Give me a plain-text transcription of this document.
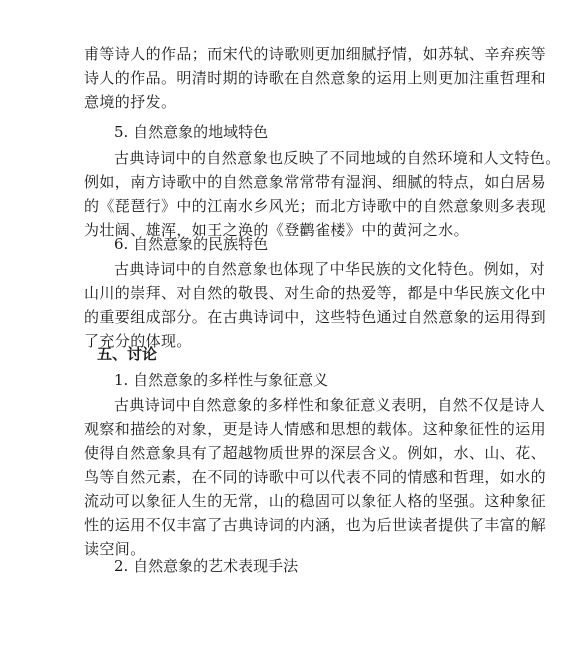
甫等诗人的作品；而宋代的诗歌则更加细腻抒情，如苏轼、辛弃疾等
诗人的作品。明清时期的诗歌在自然意象的运用上则更加注重哲理和
意境的抒发。
5. 自然意象的地域特色
古典诗词中的自然意象也反映了不同地域的自然环境和人文特色。
例如，南方诗歌中的自然意象常常带有湿润、细腻的特点，如白居易
的《琵琶行》中的江南水乡风光；而北方诗歌中的自然意象则多表现
为壮阔、雄浑，如王之涣的《登鹳雀楼》中的黄河之水。
6. 自然意象的民族特色
古典诗词中的自然意象也体现了中华民族的文化特色。例如，对
山川的崇拜、对自然的敬畏、对生命的热爱等，都是中华民族文化中
的重要组成部分。在古典诗词中，这些特色通过自然意象的运用得到
了充分的体现。
五、讨论
1. 自然意象的多样性与象征意义
古典诗词中自然意象的多样性和象征意义表明，自然不仅是诗人
观察和描绘的对象，更是诗人情感和思想的载体。这种象征性的运用
使得自然意象具有了超越物质世界的深层含义。例如，水、山、花、
鸟等自然元素，在不同的诗歌中可以代表不同的情感和哲理，如水的
流动可以象征人生的无常，山的稳固可以象征人格的坚强。这种象征
性的运用不仅丰富了古典诗词的内涵，也为后世读者提供了丰富的解
读空间。
2. 自然意象的艺术表现手法
